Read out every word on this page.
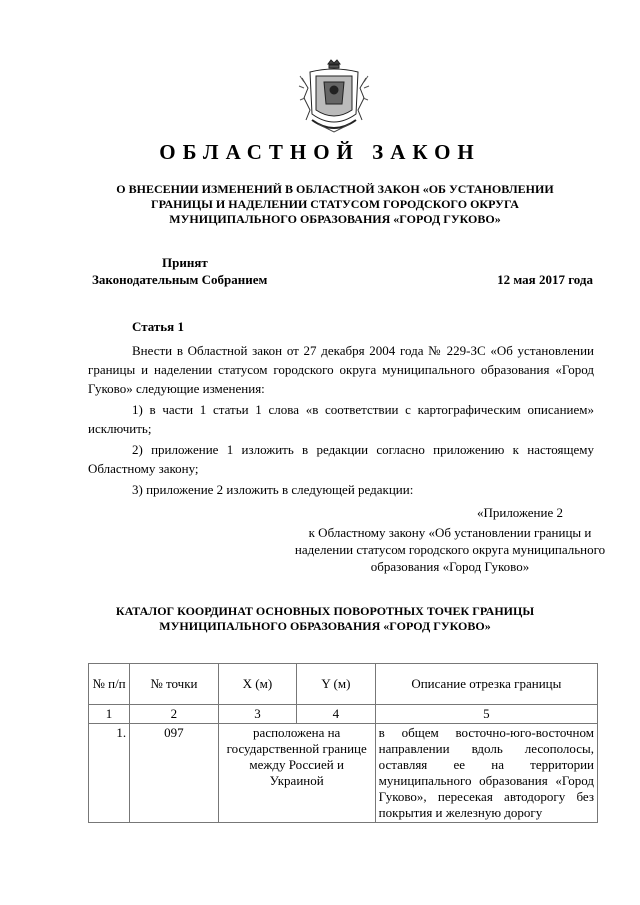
ОБЛАСТНОЙ ЗАКОН
О ВНЕСЕНИИ ИЗМЕНЕНИЙ В ОБЛАСТНОЙ ЗАКОН «ОБ УСТАНОВЛЕНИИ ГРАНИЦЫ И НАДЕЛЕНИИ СТАТУСОМ ГОРОДСКОГО ОКРУГА МУНИЦИПАЛЬНОГО ОБРАЗОВАНИЯ «ГОРОД ГУКОВО»
Принят
Законодательным Собранием	12 мая 2017 года
Статья 1

Внести в Областной закон от 27 декабря 2004 года № 229-ЗС «Об установлении границы и наделении статусом городского округа муниципального образования «Город Гуково» следующие изменения:

1) в части 1 статьи 1 слова «в соответствии с картографическим описанием» исключить;

2) приложение 1 изложить в редакции согласно приложению к настоящему Областному закону;

3) приложение 2 изложить в следующей редакции:

«Приложение 2
к Областному закону «Об установлении границы и наделении статусом городского округа муниципального образования «Город Гуково»
КАТАЛОГ КООРДИНАТ ОСНОВНЫХ ПОВОРОТНЫХ ТОЧЕК ГРАНИЦЫ МУНИЦИПАЛЬНОГО ОБРАЗОВАНИЯ «ГОРОД ГУКОВО»
№ п/п	№ точки	X (м)	Y (м)	Описание отрезка границы
1	2	3	4	5
1.	097	расположена на государственной границе между Россией и Украиной		в общем восточно-юго-восточном направлении вдоль лесополосы, оставляя ее на территории муниципального образования «Город Гуково», пересекая автодорогу без покрытия и железную дорогу
